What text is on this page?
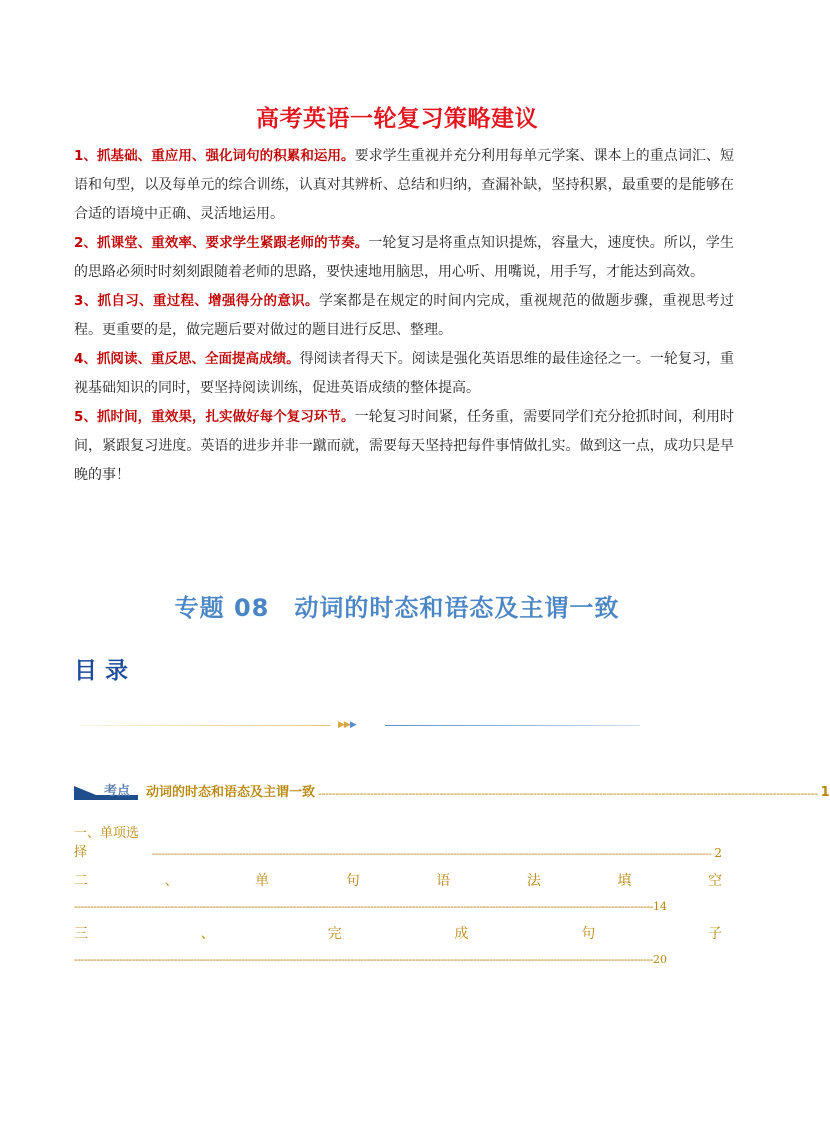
高考英语一轮复习策略建议

1、抓基础、重应用、强化词句的积累和运用。要求学生重视并充分利用每单元学案、课本上的重点词汇、短语和句型，以及每单元的综合训练，认真对其辨析、总结和归纳，查漏补缺，坚持积累，最重要的是能够在合适的语境中正确、灵活地运用。

2、抓课堂、重效率、要求学生紧跟老师的节奏。一轮复习是将重点知识提炼，容量大，速度快。所以，学生的思路必须时时刻刻跟随着老师的思路，要快速地用脑思，用心听、用嘴说，用手写，才能达到高效。

3、抓自习、重过程、增强得分的意识。学案都是在规定的时间内完成，重视规范的做题步骤，重视思考过程。更重要的是，做完题后要对做过的题目进行反思、整理。

4、抓阅读、重反思、全面提高成绩。得阅读者得天下。阅读是强化英语思维的最佳途径之一。一轮复习，重视基础知识的同时，要坚持阅读训练，促进英语成绩的整体提高。

5、抓时间，重效果，扎实做好每个复习环节。一轮复习时间紧，任务重，需要同学们充分抢抓时间，利用时间，紧跟复习进度。英语的进步并非一蹴而就，需要每天坚持把每件事情做扎实。做到这一点，成功只是早晚的事！

专题 08　动词的时态和语态及主谓一致
目录
▶▶▶
考点 动词的时态和语态及主谓一致 ------------------------------------------------------------------------------------------------------------------------------------------------ 1
一、单项选择	------------------------------------------------------------------------------------------------------------------------------------------------------------------------------------ 2
二	、	单	句	语	法	填	空
------------------------------------------------------------------------------------------------------------------------------------------------------------------------------------ 14
三	、	完	成	句	子
------------------------------------------------------------------------------------------------------------------------------------------------------------------------------------ 20
